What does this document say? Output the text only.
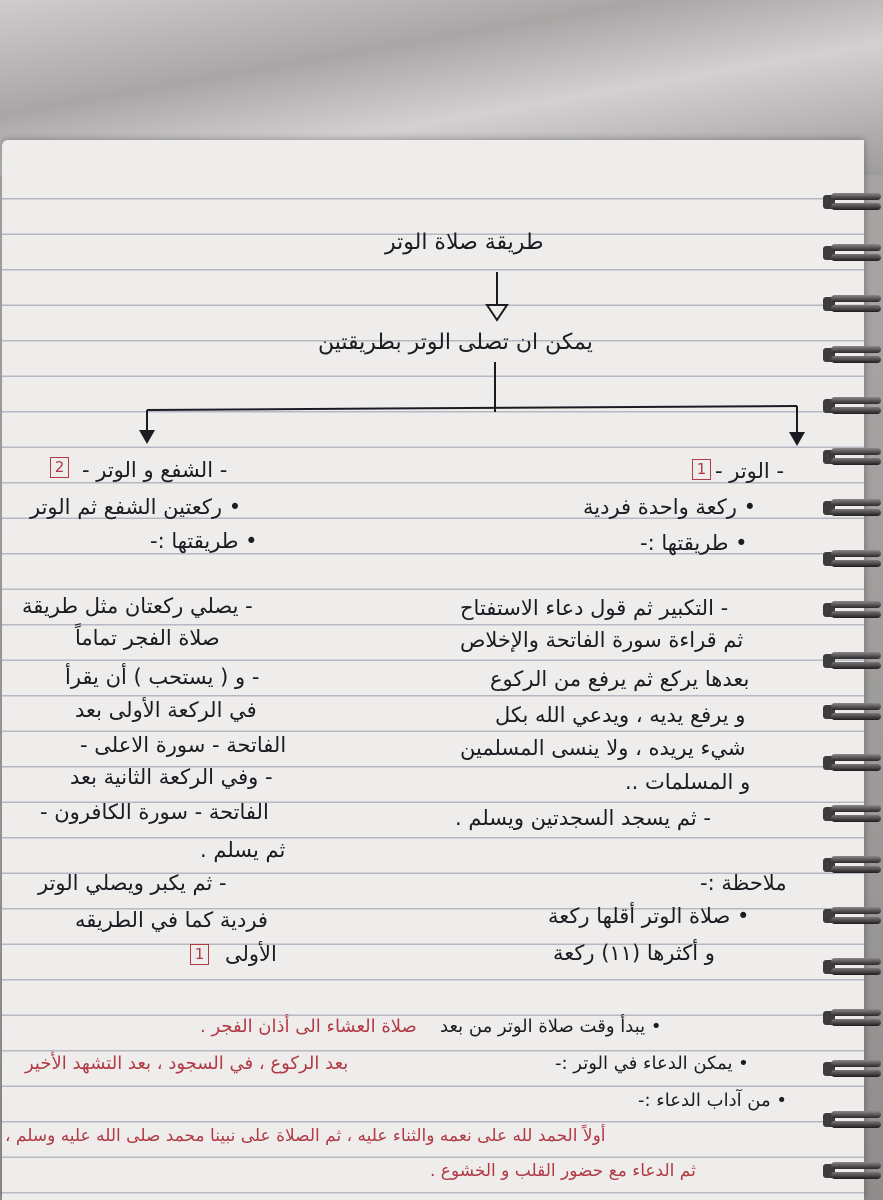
طريقة صلاة الوتر
يمكن ان تصلى الوتر بطريقتين
- الوتر -
1
• ركعة واحدة فردية
• طريقتها :-
- التكبير ثم قول دعاء الاستفتاح
ثم قراءة سورة الفاتحة والإخلاص
بعدها يركع ثم يرفع من الركوع
و يرفع يديه ، ويدعي الله بكل
شيء يريده ، ولا ينسى المسلمين
و المسلمات ..
- ثم يسجد السجدتين ويسلم .
ملاحظة :-
• صلاة الوتر أقلها ركعة
و أكثرها (١١) ركعة
- الشفع و الوتر -
2
• ركعتين الشفع ثم الوتر
• طريقتها :-
- يصلي ركعتان مثل طريقة
صلاة الفجر تماماً
- و ( يستحب ) أن يقرأ
في الركعة الأولى بعد
الفاتحة - سورة الاعلى -
- وفي الركعة الثانية بعد
الفاتحة - سورة الكافرون -
ثم يسلم .
- ثم يكبر ويصلي الوتر
فردية كما في الطريقه
الأولى
1
صلاة العشاء الى أذان الفجر . • يبدأ وقت صلاة الوتر من بعد
بعد الركوع ، في السجود ، بعد التشهد الأخير	• يمكن الدعاء في الوتر :-
• من آداب الدعاء :-
أولاً الحمد لله على نعمه والثناء عليه ، ثم الصلاة على نبينا محمد صلى الله عليه وسلم ،
ثم الدعاء مع حضور القلب و الخشوع .
